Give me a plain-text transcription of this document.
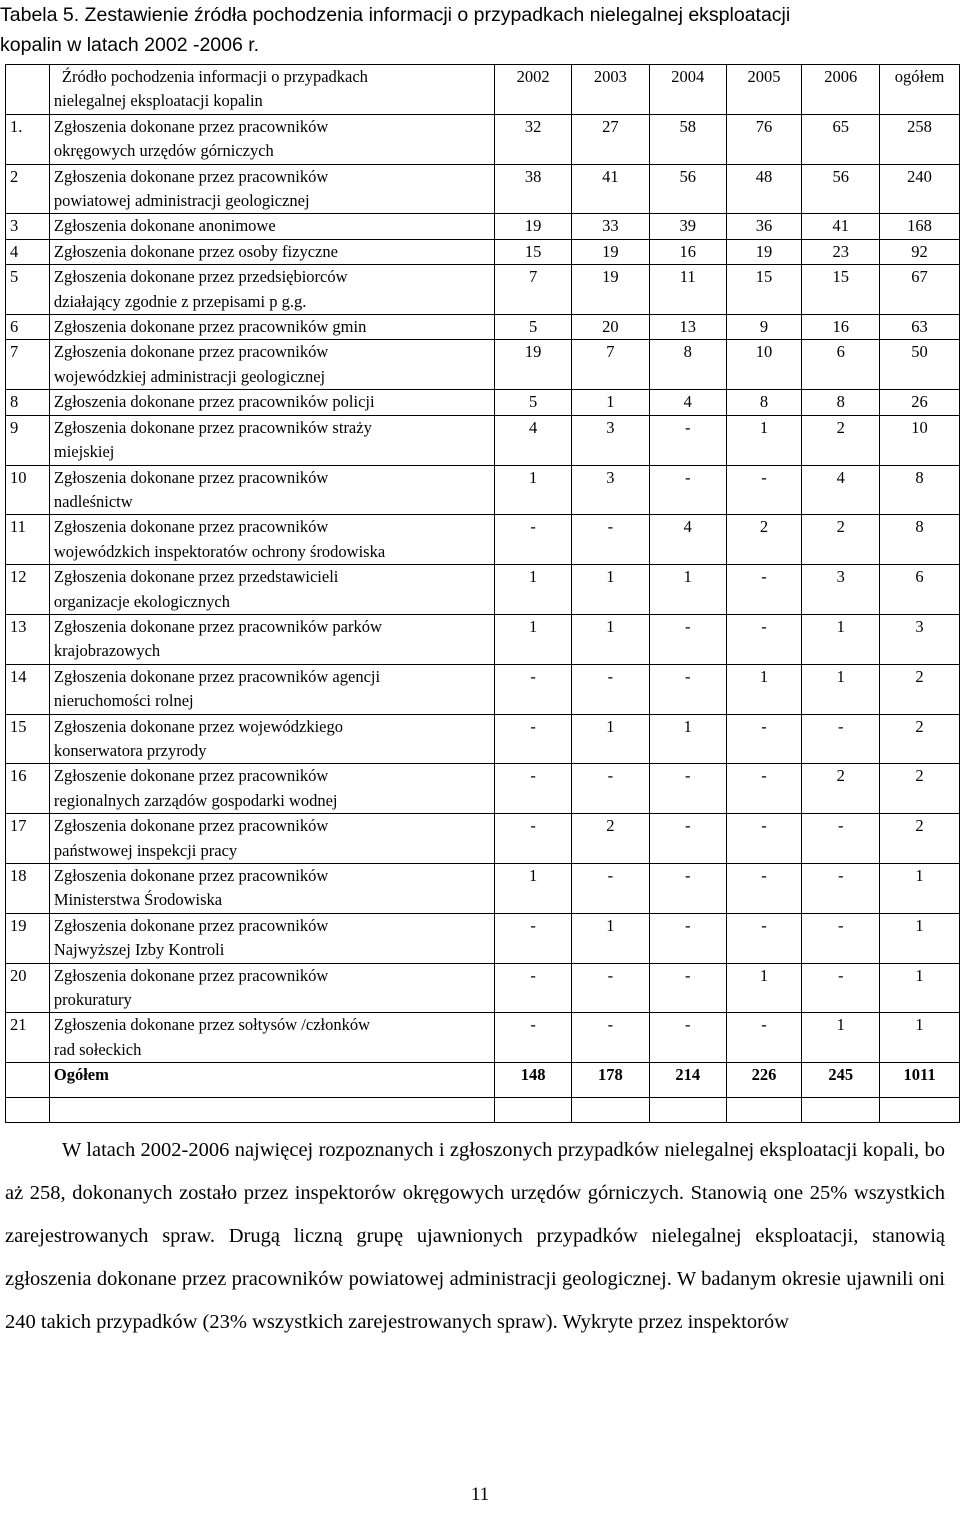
Tabela 5. Zestawienie źródła pochodzenia informacji o przypadkach nielegalnej eksploatacji
kopalin w latach 2002 -2006 r.

	Źródło pochodzenia informacji o przypadkach
nielegalnej eksploatacji kopalin	2002	2003	2004	2005	2006	ogółem
1.	Zgłoszenia dokonane przez pracowników
okręgowych urzędów górniczych	32	27	58	76	65	258
2	Zgłoszenia dokonane przez pracowników
powiatowej administracji geologicznej	38	41	56	48	56	240
3	Zgłoszenia dokonane anonimowe	19	33	39	36	41	168
4	Zgłoszenia dokonane przez osoby fizyczne	15	19	16	19	23	92
5	Zgłoszenia dokonane przez przedsiębiorców
działający zgodnie z przepisami p g.g.	7	19	11	15	15	67
6	Zgłoszenia dokonane przez pracowników gmin	5	20	13	9	16	63
7	Zgłoszenia dokonane przez pracowników
wojewódzkiej administracji geologicznej	19	7	8	10	6	50
8	Zgłoszenia dokonane przez pracowników policji	5	1	4	8	8	26
9	Zgłoszenia dokonane przez pracowników straży
miejskiej	4	3	-	1	2	10
10	Zgłoszenia dokonane przez pracowników
nadleśnictw	1	3	-	-	4	8
11	Zgłoszenia dokonane przez pracowników
wojewódzkich inspektoratów ochrony środowiska	-	-	4	2	2	8
12	Zgłoszenia dokonane przez przedstawicieli
organizacje ekologicznych	1	1	1	-	3	6
13	Zgłoszenia dokonane przez pracowników parków
krajobrazowych	1	1	-	-	1	3
14	Zgłoszenia dokonane przez pracowników agencji
nieruchomości rolnej	-	-	-	1	1	2
15	Zgłoszenia dokonane przez wojewódzkiego
konserwatora przyrody	-	1	1	-	-	2
16	Zgłoszenie dokonane przez pracowników
regionalnych zarządów gospodarki wodnej	-	-	-	-	2	2
17	Zgłoszenia dokonane przez pracowników
państwowej inspekcji pracy	-	2	-	-	-	2
18	Zgłoszenia dokonane przez pracowników
Ministerstwa Środowiska	1	-	-	-	-	1
19	Zgłoszenia dokonane przez pracowników
Najwyższej Izby Kontroli	-	1	-	-	-	1
20	Zgłoszenia dokonane przez pracowników
prokuratury	-	-	-	1	-	1
21	Zgłoszenia dokonane przez sołtysów /członków
rad sołeckich	-	-	-	-	1	1
	Ogółem	148	178	214	226	245	1011

W latach 2002-2006 najwięcej rozpoznanych i zgłoszonych przypadków nielegalnej eksploatacji kopali, bo aż 258, dokonanych zostało przez inspektorów okręgowych urzędów górniczych. Stanowią one 25% wszystkich zarejestrowanych spraw. Drugą liczną grupę ujawnionych przypadków nielegalnej eksploatacji, stanowią zgłoszenia dokonane przez pracowników powiatowej administracji geologicznej. W badanym okresie ujawnili oni 240 takich przypadków (23% wszystkich zarejestrowanych spraw). Wykryte przez inspektorów
11
